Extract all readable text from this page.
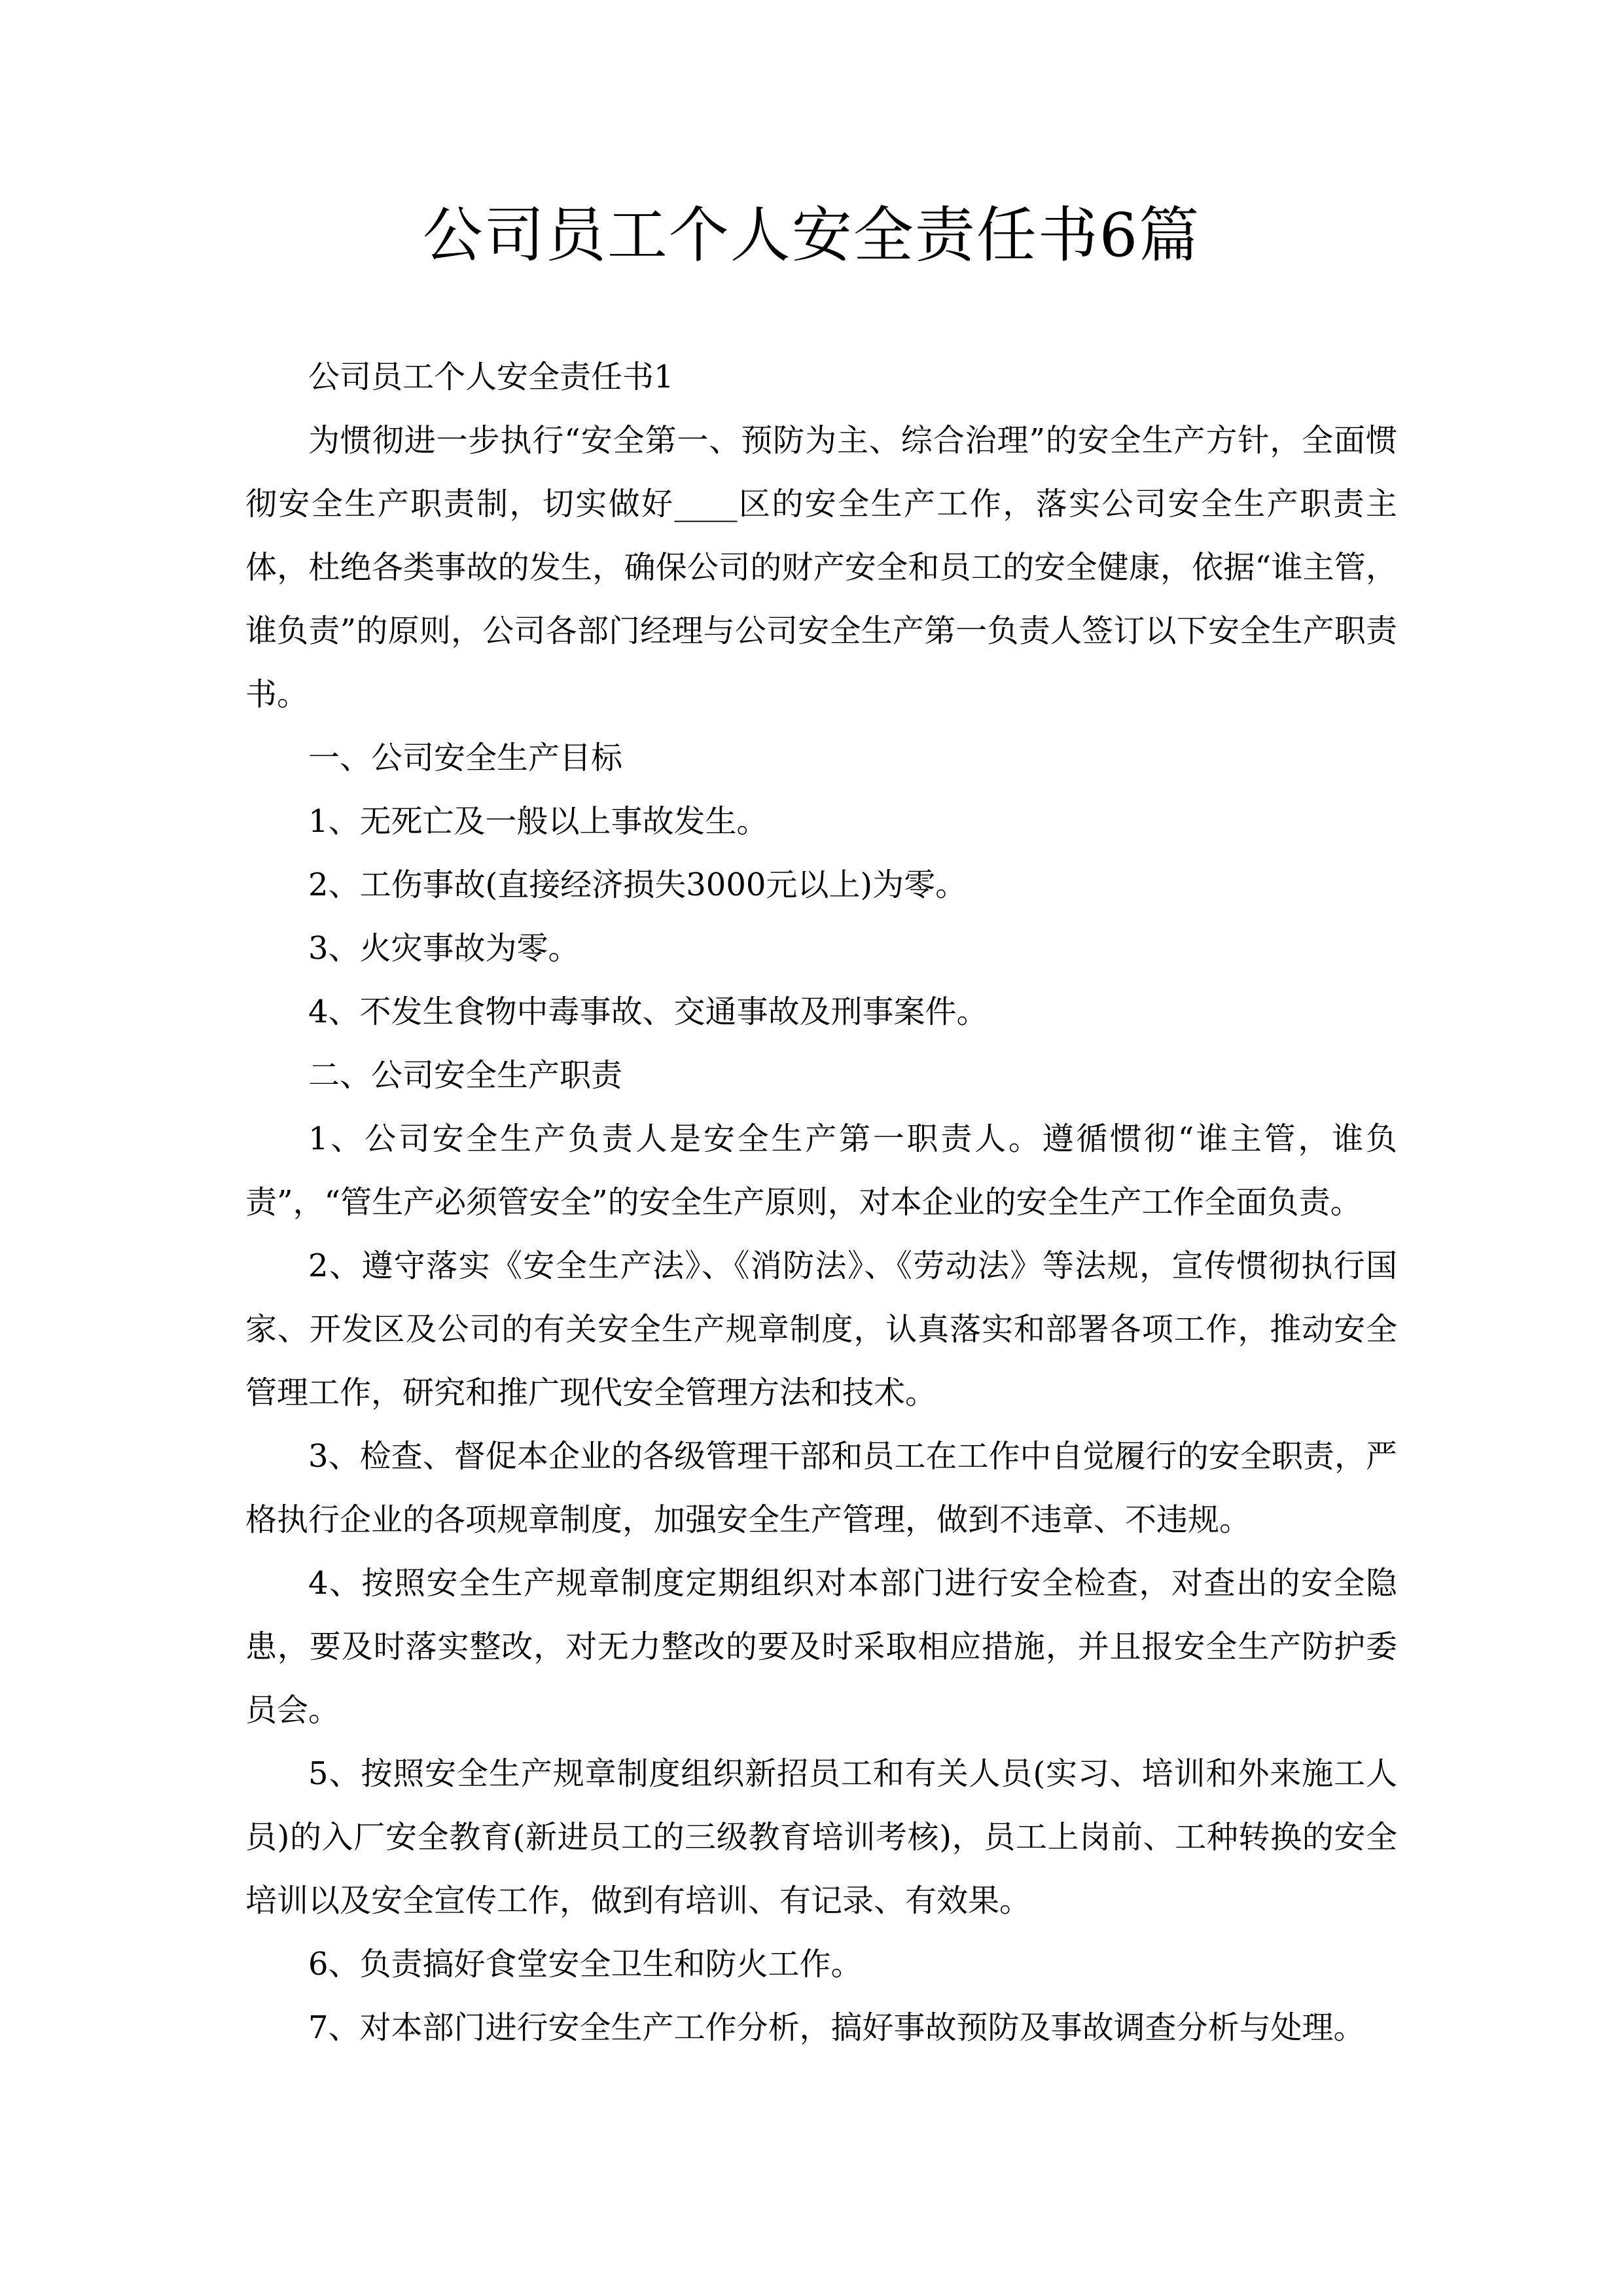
公司员工个人安全责任书6篇

公司员工个人安全责任书1

为惯彻进一步执行“安全第一、预防为主、综合治理”的安全生产方针，全面惯彻安全生产职责制，切实做好____区的安全生产工作，落实公司安全生产职责主体，杜绝各类事故的发生，确保公司的财产安全和员工的安全健康，依据“谁主管，谁负责”的原则，公司各部门经理与公司安全生产第一负责人签订以下安全生产职责书。

一、公司安全生产目标

1、无死亡及一般以上事故发生。

2、工伤事故(直接经济损失3000元以上)为零。

3、火灾事故为零。

4、不发生食物中毒事故、交通事故及刑事案件。

二、公司安全生产职责

1、公司安全生产负责人是安全生产第一职责人。遵循惯彻“谁主管，谁负责”，“管生产必须管安全”的安全生产原则，对本企业的安全生产工作全面负责。

2、遵守落实《安全生产法》、《消防法》、《劳动法》等法规，宣传惯彻执行国家、开发区及公司的有关安全生产规章制度，认真落实和部署各项工作，推动安全管理工作，研究和推广现代安全管理方法和技术。

3、检查、督促本企业的各级管理干部和员工在工作中自觉履行的安全职责，严格执行企业的各项规章制度，加强安全生产管理，做到不违章、不违规。

4、按照安全生产规章制度定期组织对本部门进行安全检查，对查出的安全隐患，要及时落实整改，对无力整改的要及时采取相应措施，并且报安全生产防护委员会。

5、按照安全生产规章制度组织新招员工和有关人员(实习、培训和外来施工人员)的入厂安全教育(新进员工的三级教育培训考核)，员工上岗前、工种转换的安全培训以及安全宣传工作，做到有培训、有记录、有效果。

6、负责搞好食堂安全卫生和防火工作。

7、对本部门进行安全生产工作分析，搞好事故预防及事故调查分析与处理。
